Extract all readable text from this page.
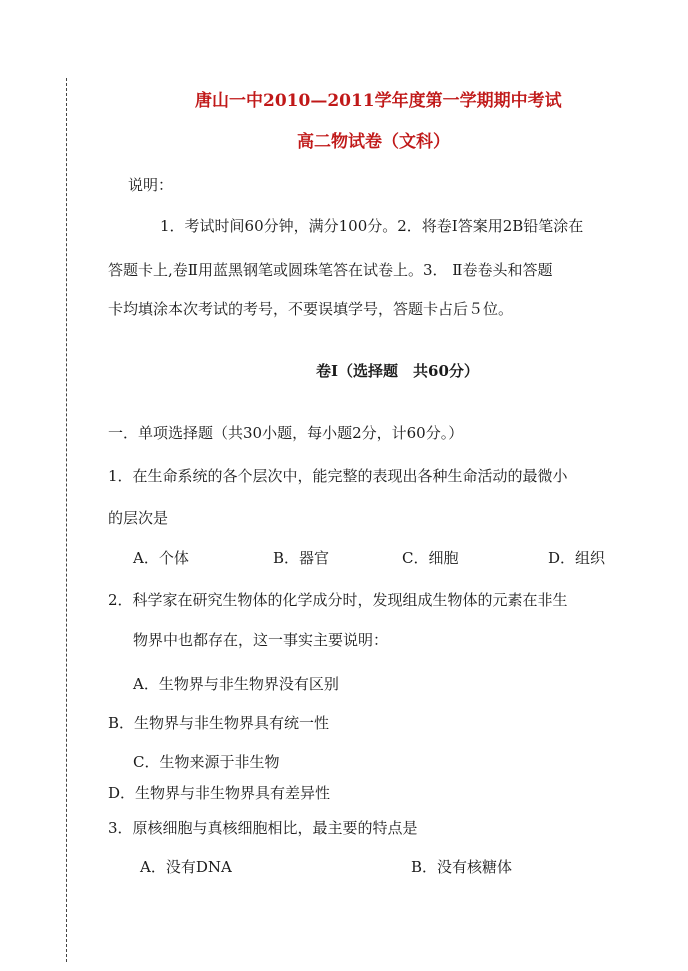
唐山一中2010—2011学年度第一学期期中考试
高二物试卷（文科）
说明：
1．考试时间60分钟，满分100分。2．将卷Ⅰ答案用2B铅笔涂在
答题卡上,卷Ⅱ用蓝黑钢笔或圆珠笔答在试卷上。3． Ⅱ卷卷头和答题
卡均填涂本次考试的考号，不要误填学号，答题卡占后５位。
卷Ⅰ（选择题　共60分）
一．单项选择题（共30小题，每小题2分，计60分。）
1．在生命系统的各个层次中，能完整的表现出各种生命活动的最微小
的层次是
A．个体	B．器官	C．细胞	D．组织
2．科学家在研究生物体的化学成分时，发现组成生物体的元素在非生
物界中也都存在，这一事实主要说明：
A．生物界与非生物界没有区别
B．生物界与非生物界具有统一性
C．生物来源于非生物
D．生物界与非生物界具有差异性
3．原核细胞与真核细胞相比，最主要的特点是
A．没有DNA	B．没有核糖体
